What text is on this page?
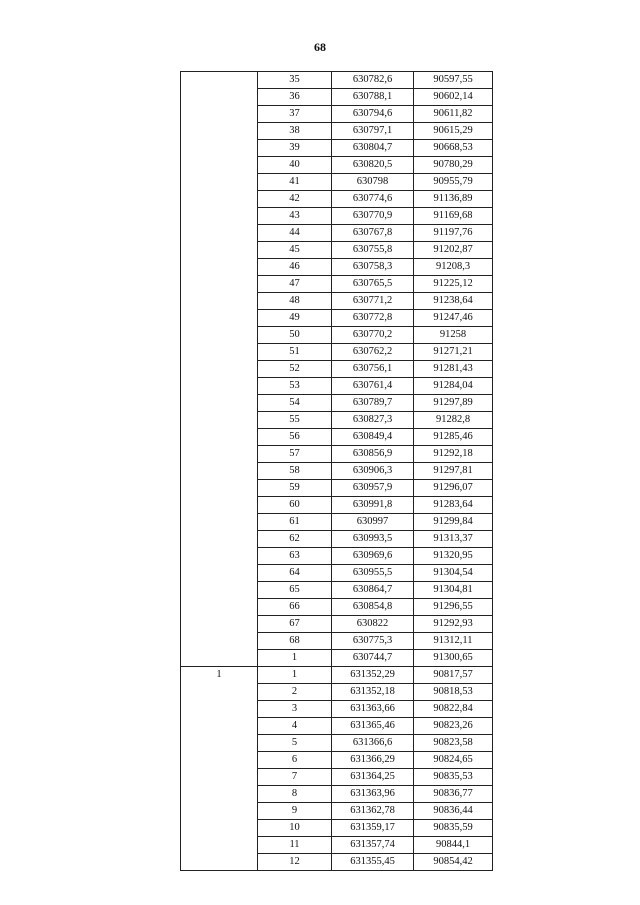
68
	35	630782,6	90597,55
	36	630788,1	90602,14
	37	630794,6	90611,82
	38	630797,1	90615,29
	39	630804,7	90668,53
	40	630820,5	90780,29
	41	630798	90955,79
	42	630774,6	91136,89
	43	630770,9	91169,68
	44	630767,8	91197,76
	45	630755,8	91202,87
	46	630758,3	91208,3
	47	630765,5	91225,12
	48	630771,2	91238,64
	49	630772,8	91247,46
	50	630770,2	91258
	51	630762,2	91271,21
	52	630756,1	91281,43
	53	630761,4	91284,04
	54	630789,7	91297,89
	55	630827,3	91282,8
	56	630849,4	91285,46
	57	630856,9	91292,18
	58	630906,3	91297,81
	59	630957,9	91296,07
	60	630991,8	91283,64
	61	630997	91299,84
	62	630993,5	91313,37
	63	630969,6	91320,95
	64	630955,5	91304,54
	65	630864,7	91304,81
	66	630854,8	91296,55
	67	630822	91292,93
	68	630775,3	91312,11
	1	630744,7	91300,65
1	1	631352,29	90817,57
	2	631352,18	90818,53
	3	631363,66	90822,84
	4	631365,46	90823,26
	5	631366,6	90823,58
	6	631366,29	90824,65
	7	631364,25	90835,53
	8	631363,96	90836,77
	9	631362,78	90836,44
	10	631359,17	90835,59
	11	631357,74	90844,1
	12	631355,45	90854,42
